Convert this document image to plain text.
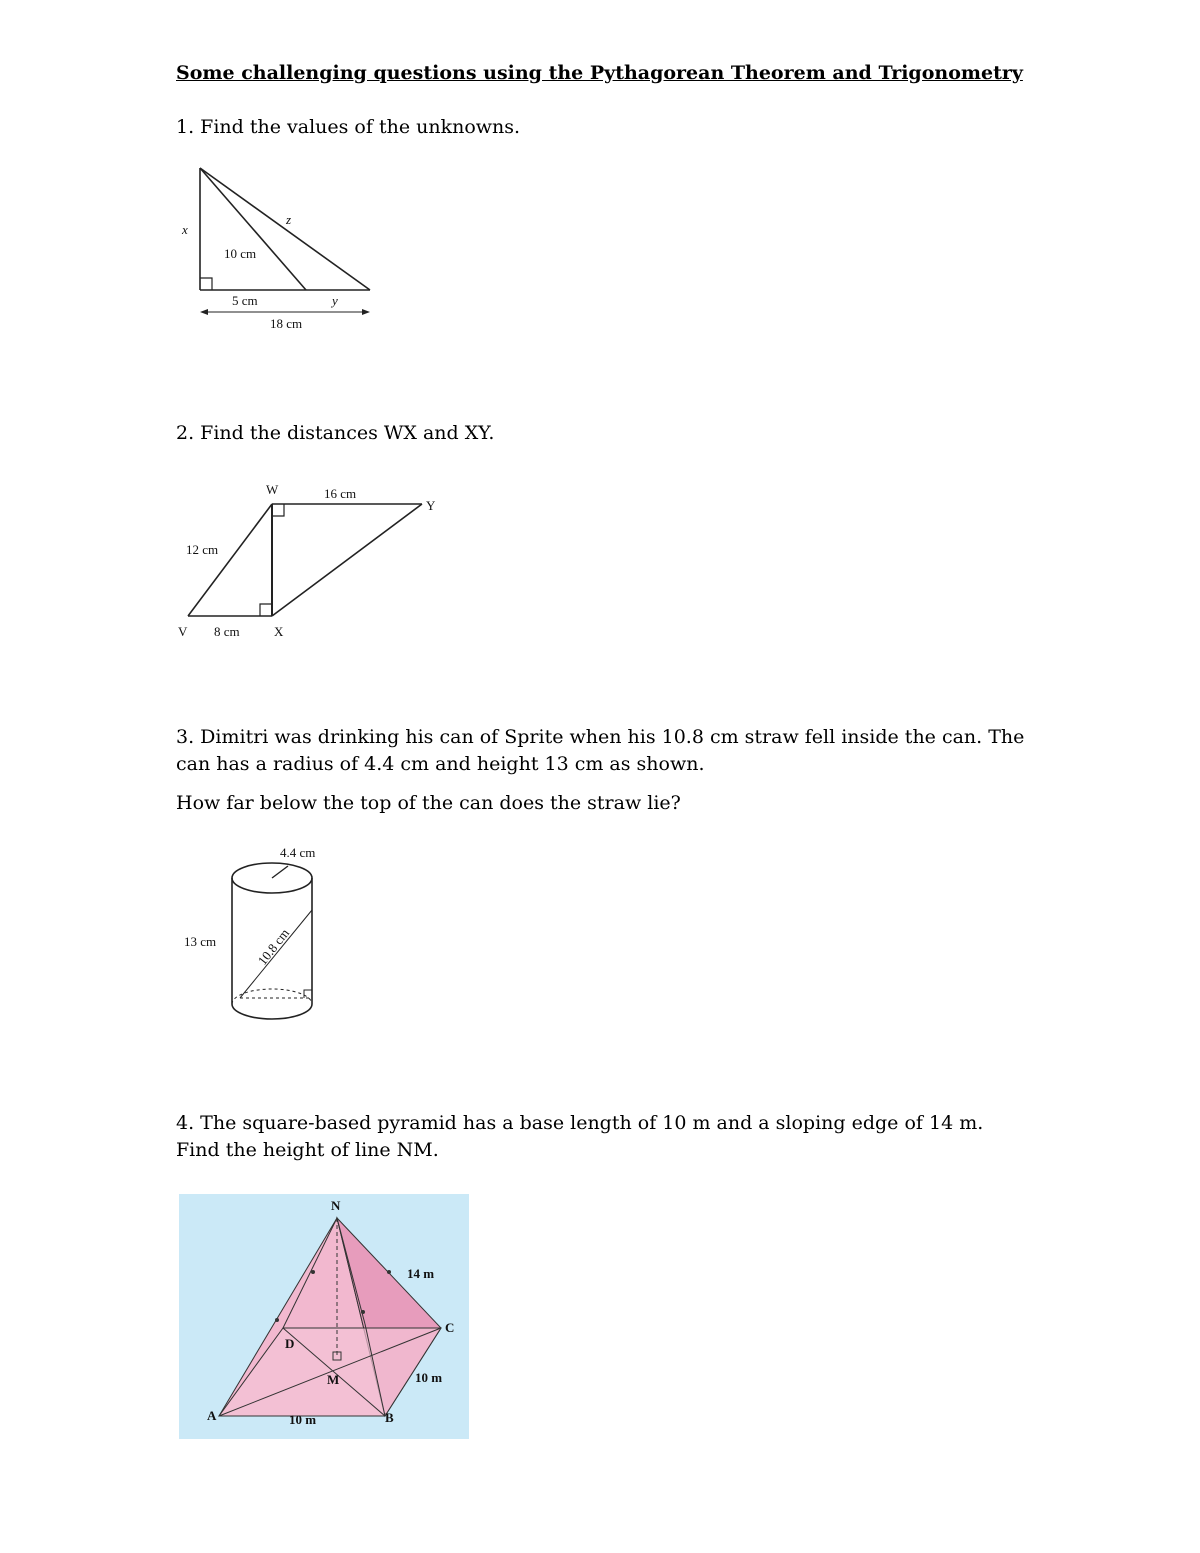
Some challenging questions using the Pythagorean Theorem and Trigonometry
1. Find the values of the unknowns.
x
z
10 cm
5 cm	y
18 cm
2. Find the distances WX and XY.
W
Y
V	X
16 cm
12 cm
8 cm
3. Dimitri was drinking his can of Sprite when his 10.8 cm straw fell inside the can. The can has a radius of 4.4 cm and height 13 cm as shown.
How far below the top of the can does the straw lie?
4.4 cm
13 cm	10.8 cm
4. The square-based pyramid has a base length of 10 m and a sloping edge of 14 m. Find the height of line NM.
N
C
D
M
A	B
14 m
10 m
10 m
